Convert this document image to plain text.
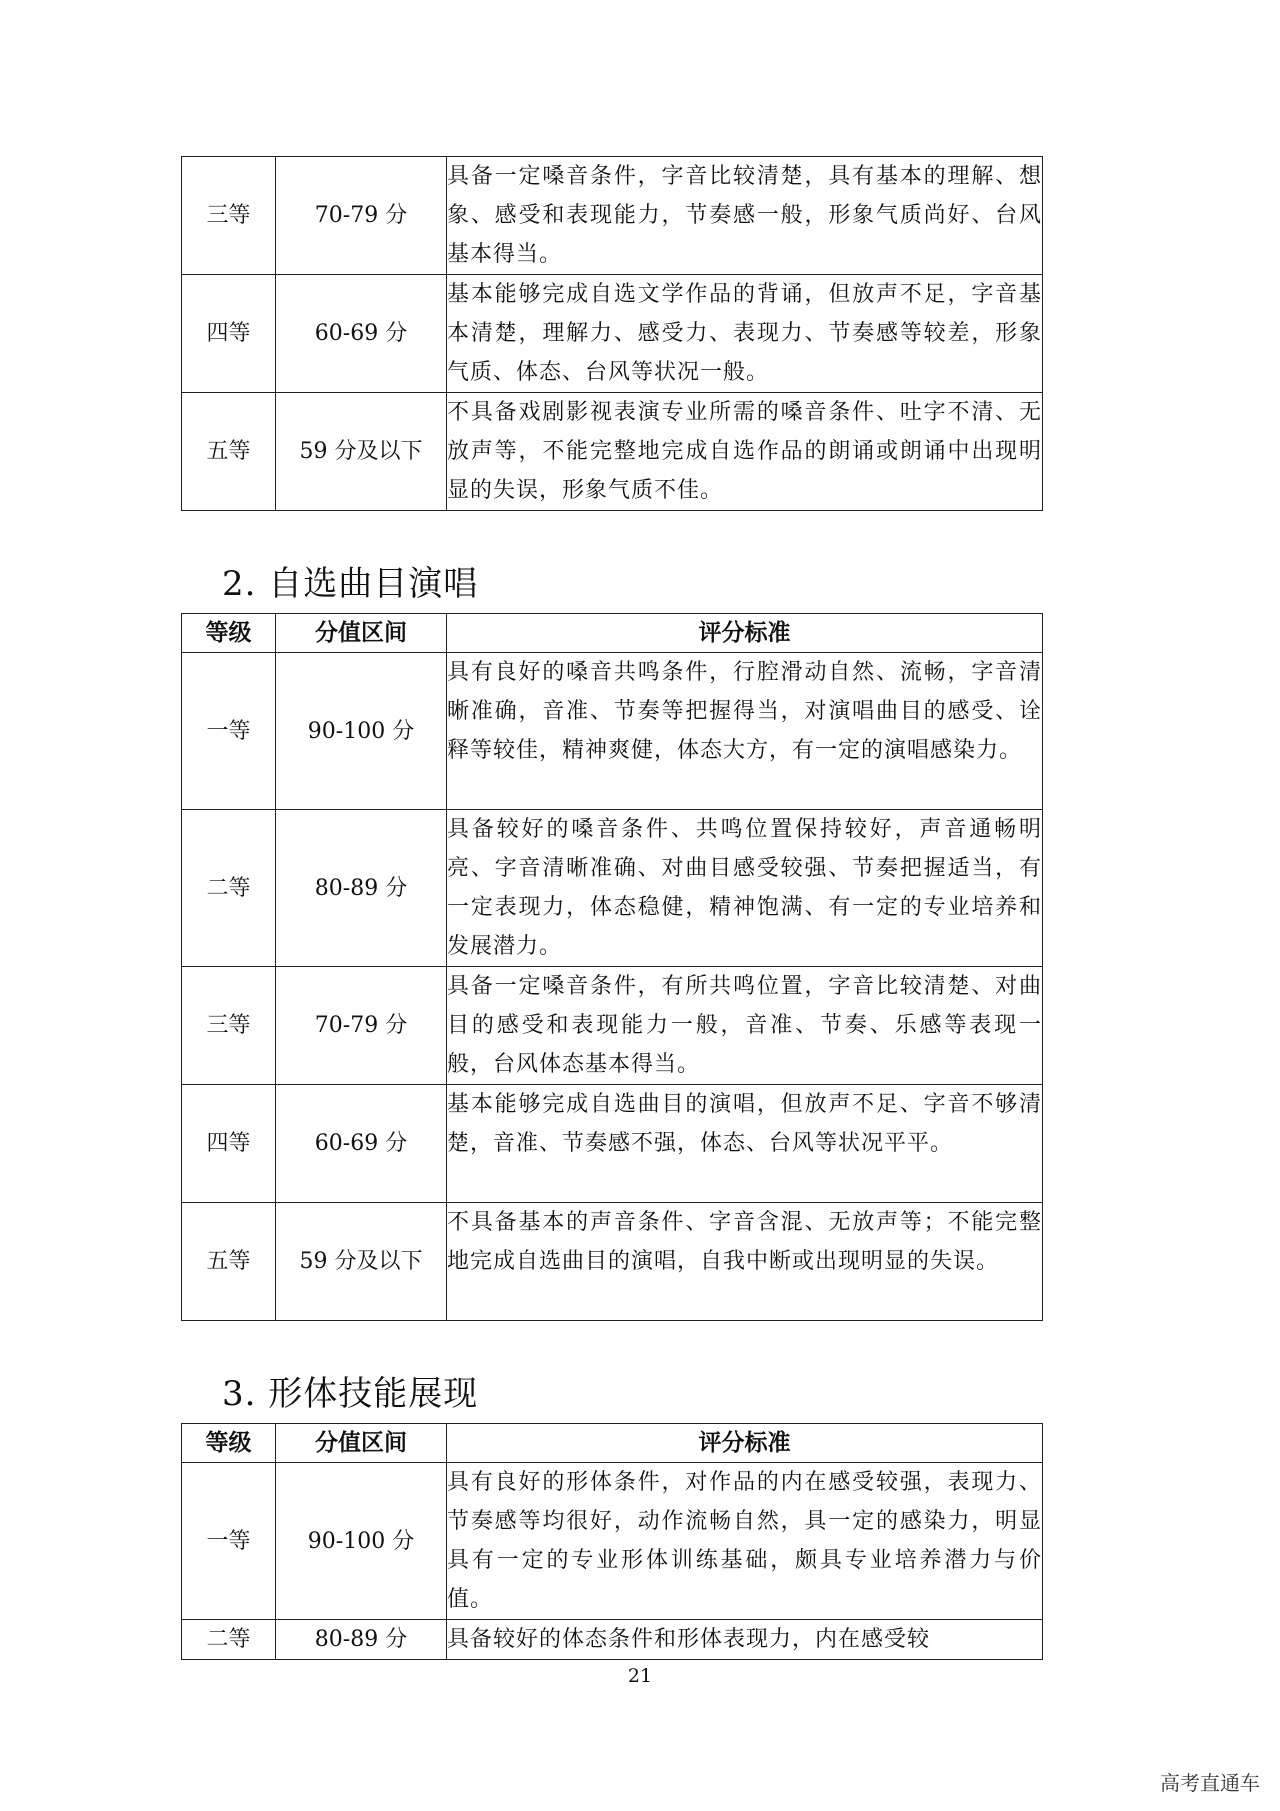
三等	70-79 分	具备一定嗓音条件，字音比较清楚，具有基本的理解、想象、感受和表现能力，节奏感一般，形象气质尚好、台风基本得当。
四等	60-69 分	基本能够完成自选文学作品的背诵，但放声不足，字音基本清楚，理解力、感受力、表现力、节奏感等较差，形象气质、体态、台风等状况一般。
五等	59 分及以下	不具备戏剧影视表演专业所需的嗓音条件、吐字不清、无放声等，不能完整地完成自选作品的朗诵或朗诵中出现明显的失误，形象气质不佳。
2. 自选曲目演唱
等级	分值区间	评分标准
一等	90-100 分	具有良好的嗓音共鸣条件，行腔滑动自然、流畅，字音清晰准确，音准、节奏等把握得当，对演唱曲目的感受、诠释等较佳，精神爽健，体态大方，有一定的演唱感染力。
二等	80-89 分	具备较好的嗓音条件、共鸣位置保持较好，声音通畅明亮、字音清晰准确、对曲目感受较强、节奏把握适当，有一定表现力，体态稳健，精神饱满、有一定的专业培养和发展潜力。
三等	70-79 分	具备一定嗓音条件，有所共鸣位置，字音比较清楚、对曲目的感受和表现能力一般，音准、节奏、乐感等表现一般，台风体态基本得当。
四等	60-69 分	基本能够完成自选曲目的演唱，但放声不足、字音不够清楚，音准、节奏感不强，体态、台风等状况平平。
五等	59 分及以下	不具备基本的声音条件、字音含混、无放声等；不能完整地完成自选曲目的演唱，自我中断或出现明显的失误。
3. 形体技能展现
等级	分值区间	评分标准
一等	90-100 分	具有良好的形体条件，对作品的内在感受较强，表现力、节奏感等均很好，动作流畅自然，具一定的感染力，明显具有一定的专业形体训练基础，颇具专业培养潜力与价值。
二等	80-89 分	具备较好的体态条件和形体表现力，内在感受较
21
高考直通车
